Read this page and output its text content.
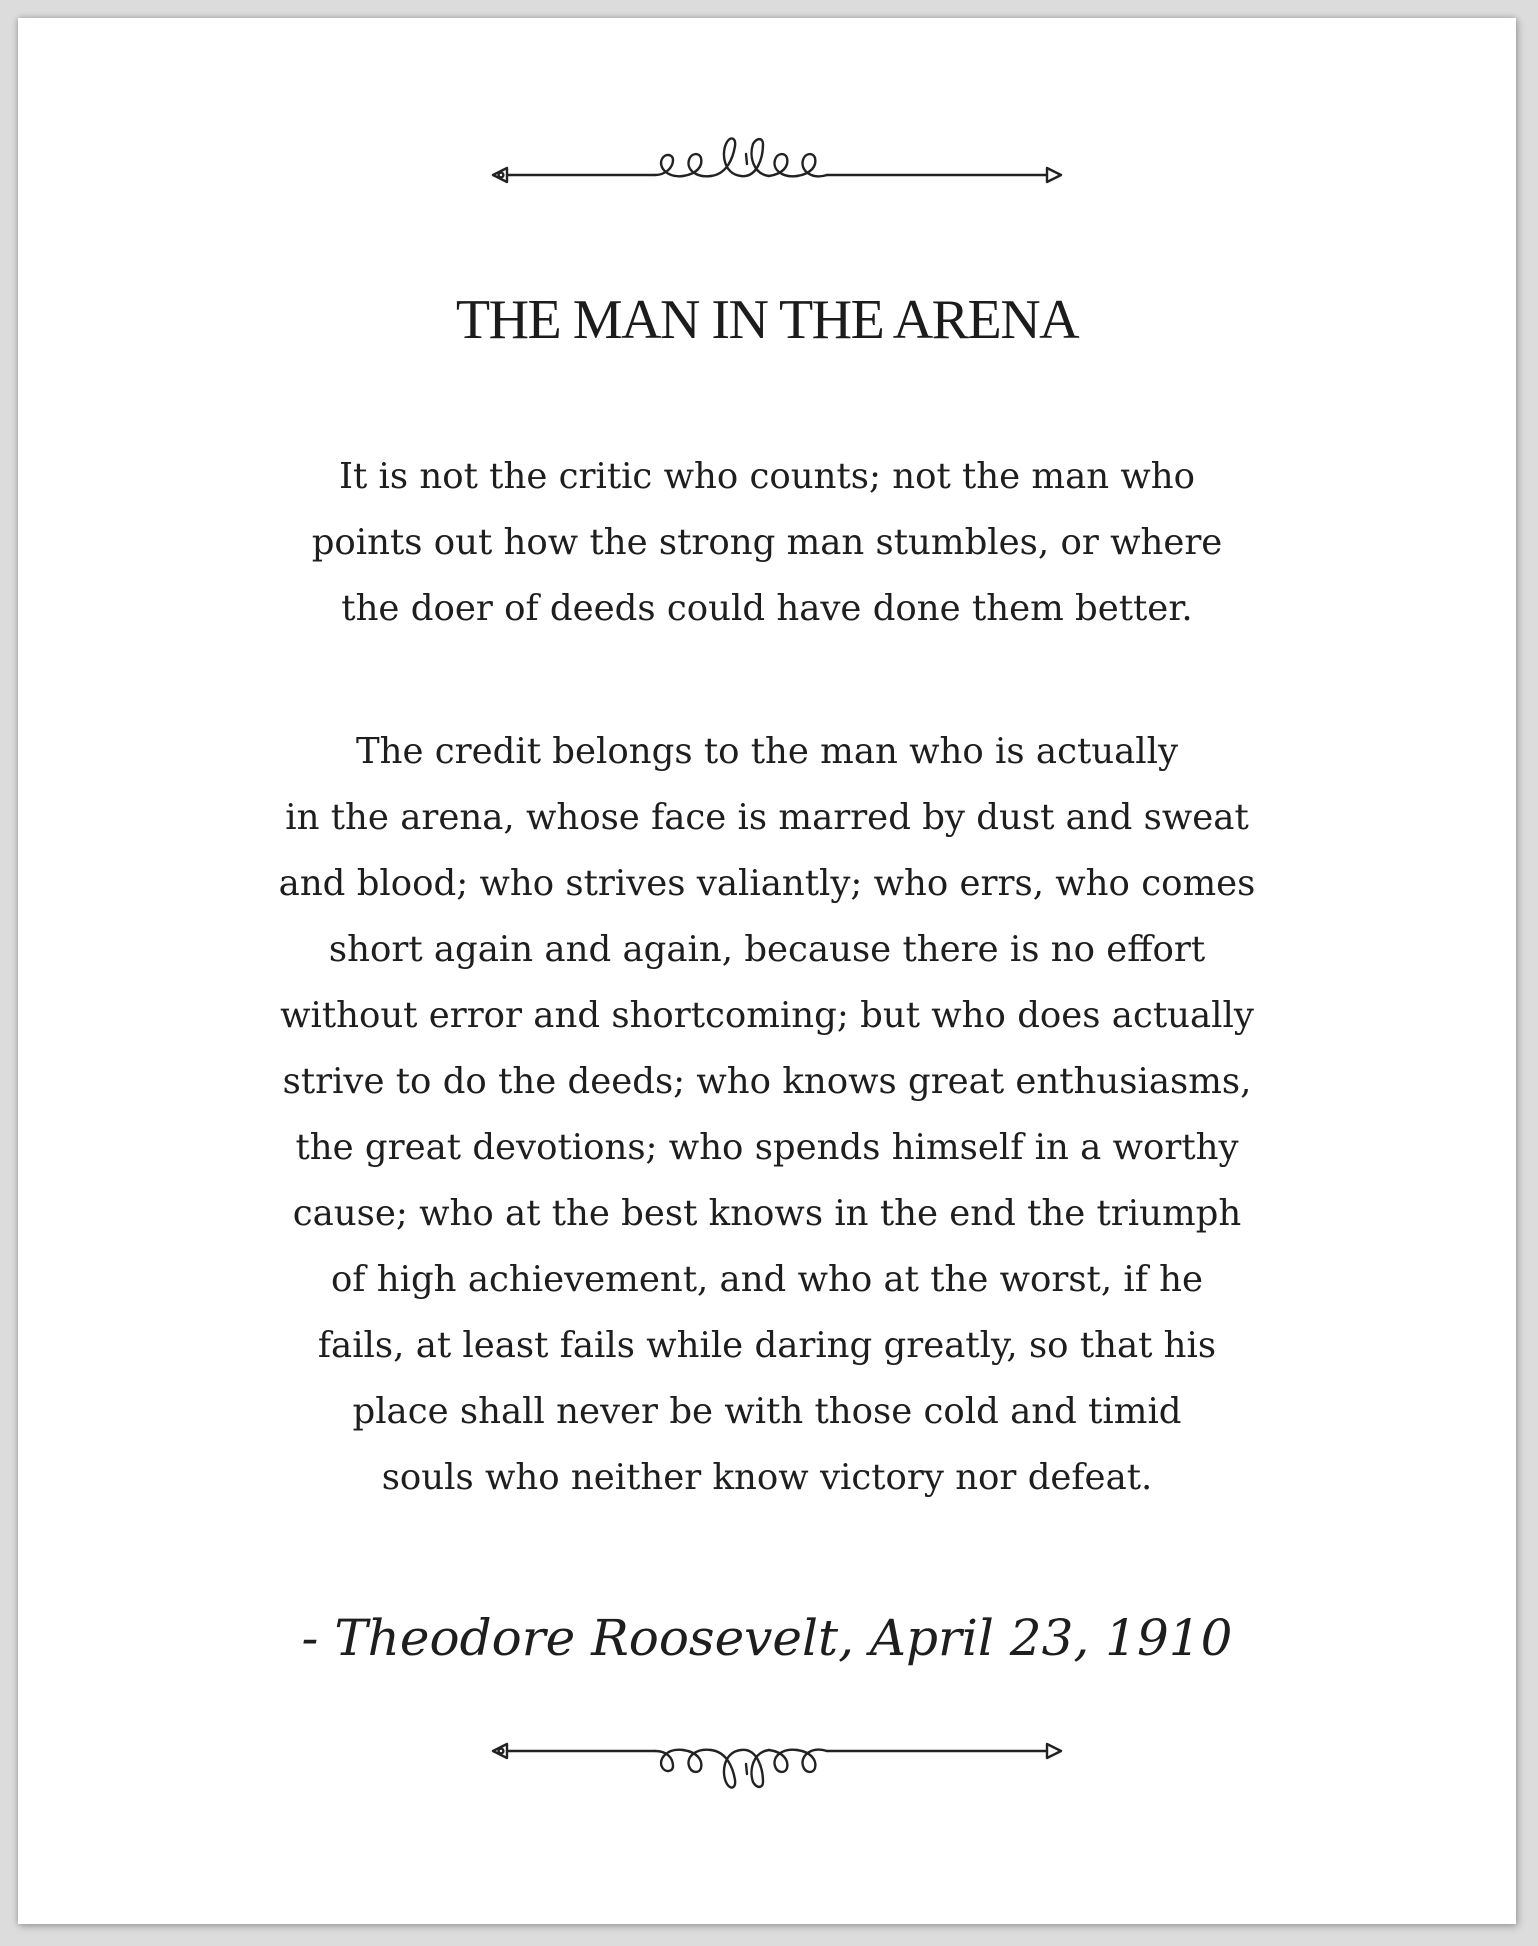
THE MAN IN THE ARENA
It is not the critic who counts; not the man who
points out how the strong man stumbles, or where
the doer of deeds could have done them better.
The credit belongs to the man who is actually
in the arena, whose face is marred by dust and sweat
and blood; who strives valiantly; who errs, who comes
short again and again, because there is no effort
without error and shortcoming; but who does actually
strive to do the deeds; who knows great enthusiasms,
the great devotions; who spends himself in a worthy
cause; who at the best knows in the end the triumph
of high achievement, and who at the worst, if he
fails, at least fails while daring greatly, so that his
place shall never be with those cold and timid
souls who neither know victory nor defeat.
- Theodore Roosevelt, April 23, 1910
